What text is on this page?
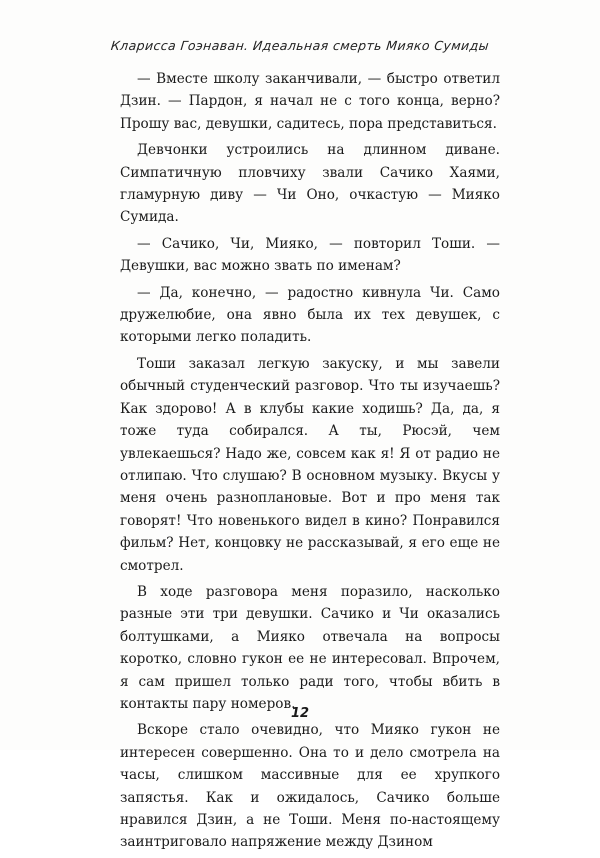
Кларисса Гоэнаван. Идеальная смерть Мияко Сумиды

— Вместе школу заканчивали, — быстро ответил Дзин. — Пардон, я начал не с того конца, верно? Прошу вас, девушки, садитесь, пора представиться.

Девчонки устроились на длинном диване. Симпатичную пловчиху звали Сачико Хаями, гламурную диву — Чи Оно, очкастую — Мияко Сумида.

— Сачико, Чи, Мияко, — повторил Тоши. — Девушки, вас можно звать по именам?

— Да, конечно, — радостно кивнула Чи. Само дружелюбие, она явно была их тех девушек, с которыми легко поладить.

Тоши заказал легкую закуску, и мы завели обычный студенческий разговор. Что ты изучаешь? Как здорово! А в клубы какие ходишь? Да, да, я тоже туда собирался. А ты, Рюсэй, чем увлекаешься? Надо же, совсем как я! Я от радио не отлипаю. Что слушаю? В основном музыку. Вкусы у меня очень разноплановые. Вот и про меня так говорят! Что новенького видел в кино? Понравился фильм? Нет, концовку не рассказывай, я его еще не смотрел.

В ходе разговора меня поразило, насколько разные эти три девушки. Сачико и Чи оказались болтушками, а Мияко отвечала на вопросы коротко, словно гукон ее не интересовал. Впрочем, я сам пришел только ради того, чтобы вбить в контакты пару номеров.

Вскоре стало очевидно, что Мияко гукон не интересен совершенно. Она то и дело смотрела на часы, слишком массивные для ее хрупкого запястья. Как и ожидалось, Сачико больше нравился Дзин, а не Тоши. Меня по-настоящему заинтриговало напряжение между Дзином

12
